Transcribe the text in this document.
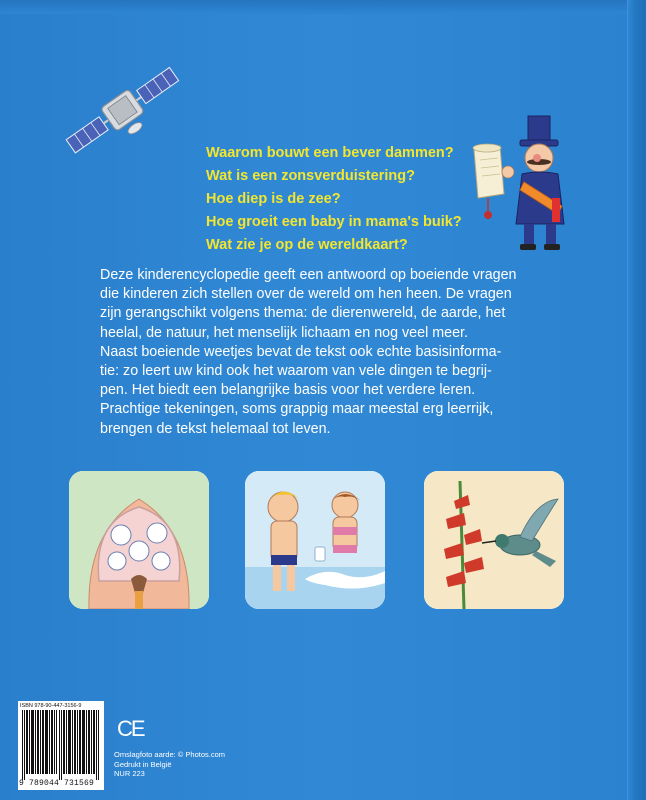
Waarom bouwt een bever dammen?
Wat is een zonsverduistering?
Hoe diep is de zee?
Hoe groeit een baby in mama's buik?
Wat zie je op de wereldkaart?

Deze kinderencyclopedie geeft een antwoord op boeiende vragen

die kinderen zich stellen over de wereld om hen heen. De vragen

zijn gerangschikt volgens thema: de dierenwereld, de aarde, het

heelal, de natuur, het menselijk lichaam en nog veel meer.

Naast boeiende weetjes bevat de tekst ook echte basisinforma-

tie: zo leert uw kind ook het waarom van vele dingen te begrij-

pen. Het biedt een belangrijke basis voor het verdere leren.

Prachtige tekeningen, soms grappig maar meestal erg leerrijk,

brengen de tekst helemaal tot leven.

ISBN 978-90-447-3156-9
9 789044 731569
CE
Omslagfoto aarde: © Photos.com
Gedrukt in België
NUR 223
